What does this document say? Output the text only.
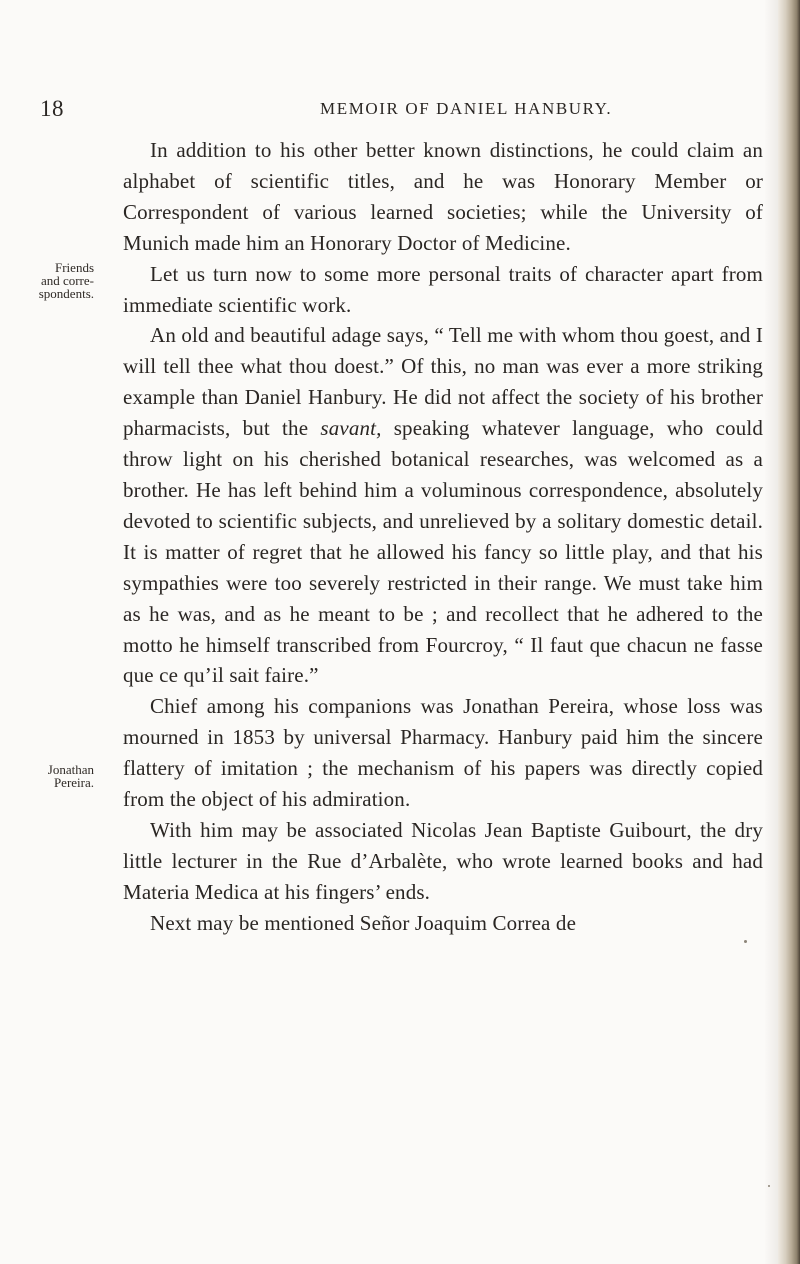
18	MEMOIR OF DANIEL HANBURY.
Friends
and corre-
spondents.
Jonathan
Pereira.

In addition to his other better known distinctions, he could claim an alphabet of scientific titles, and he was Honorary Member or Correspondent of various learned societies; while the University of Munich made him an Honorary Doctor of Medicine.

Let us turn now to some more personal traits of character apart from immediate scientific work.

An old and beautiful adage says, “ Tell me with whom thou goest, and I will tell thee what thou doest.” Of this, no man was ever a more striking example than Daniel Hanbury. He did not affect the society of his brother pharmacists, but the savant, speaking whatever language, who could throw light on his cherished botanical researches, was welcomed as a brother. He has left behind him a voluminous correspondence, absolutely devoted to scientific subjects, and unrelieved by a solitary domestic detail. It is matter of regret that he allowed his fancy so little play, and that his sympathies were too severely restricted in their range. We must take him as he was, and as he meant to be ; and recollect that he adhered to the motto he himself transcribed from Fourcroy, “ Il faut que chacun ne fasse que ce qu’il sait faire.”

Chief among his companions was Jonathan Pereira, whose loss was mourned in 1853 by universal Pharmacy. Hanbury paid him the sincere flattery of imitation ; the mechanism of his papers was directly copied from the object of his admiration.

With him may be associated Nicolas Jean Baptiste Guibourt, the dry little lecturer in the Rue d’Arbalète, who wrote learned books and had Materia Medica at his fingers’ ends.

Next may be mentioned Señor Joaquim Correa de
